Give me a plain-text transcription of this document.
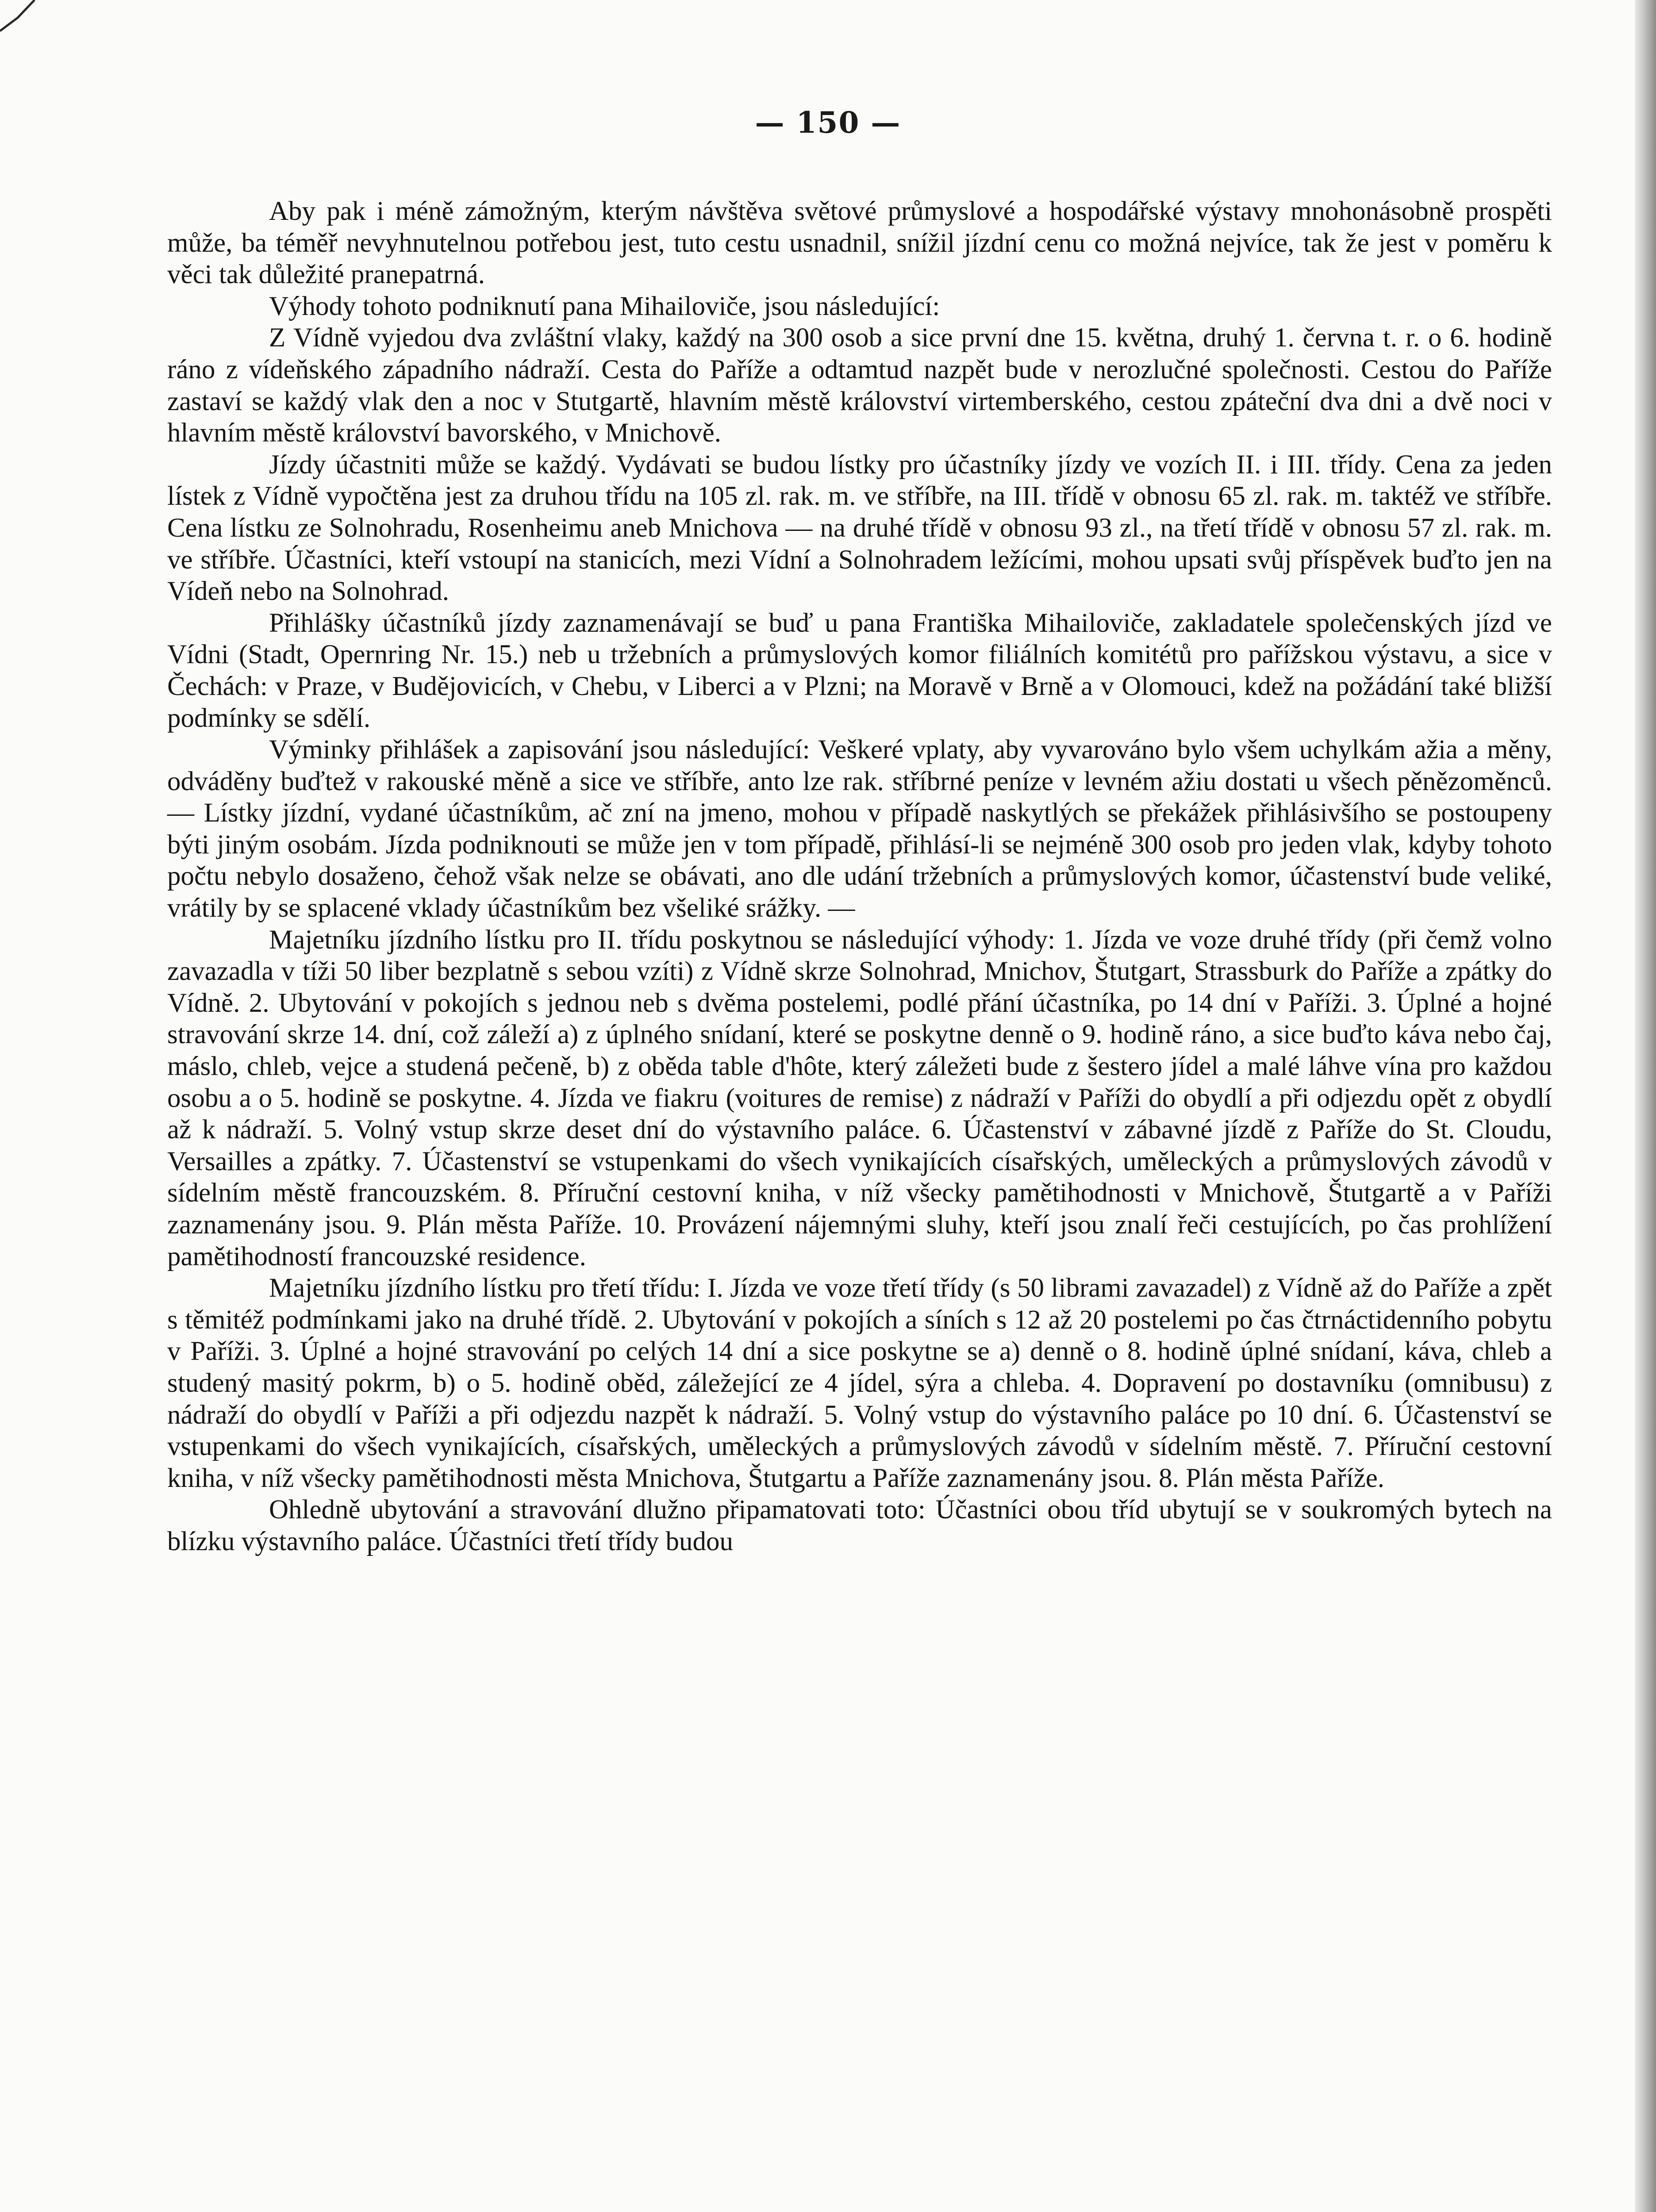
— 150 —

Aby pak i méně zámožným, kterým návštěva světové průmyslové a hospodářské výstavy mnohonásobně prospěti může, ba téměř nevyhnutelnou potřebou jest, tuto cestu usnadnil, snížil jízdní cenu co možná nejvíce, tak že jest v poměru k věci tak důležité pranepatrná.

Výhody tohoto podniknutí pana Mihailoviče, jsou následující:

Z Vídně vyjedou dva zvláštní vlaky, každý na 300 osob a sice první dne 15. května, druhý 1. června t. r. o 6. hodině ráno z vídeňského západního nádraží. Cesta do Paříže a odtamtud nazpět bude v nerozlučné společnosti. Cestou do Paříže zastaví se každý vlak den a noc v Stutgartě, hlavním městě království virtemberského, cestou zpáteční dva dni a dvě noci v hlavním městě království bavorského, v Mnichově.

Jízdy účastniti může se každý. Vydávati se budou lístky pro účastníky jízdy ve vozích II. i III. třídy. Cena za jeden lístek z Vídně vypočtěna jest za druhou třídu na 105 zl. rak. m. ve stříbře, na III. třídě v obnosu 65 zl. rak. m. taktéž ve stříbře. Cena lístku ze Solnohradu, Rosenheimu aneb Mnichova — na druhé třídě v obnosu 93 zl., na třetí třídě v obnosu 57 zl. rak. m. ve stříbře. Účastníci, kteří vstoupí na stanicích, mezi Vídní a Solnohradem ležícími, mohou upsati svůj příspěvek buďto jen na Vídeň nebo na Solnohrad.

Přihlášky účastníků jízdy zaznamenávají se buď u pana Františka Mihailoviče, zakladatele společenských jízd ve Vídni (Stadt, Opernring Nr. 15.) neb u tržebních a průmyslových komor filiálních komitétů pro pařížskou výstavu, a sice v Čechách: v Praze, v Budějovicích, v Chebu, v Liberci a v Plzni; na Moravě v Brně a v Olomouci, kdež na požádání také bližší podmínky se sdělí.

Výminky přihlášek a zapisování jsou následující: Veškeré vplaty, aby vyvarováno bylo všem uchylkám ažia a měny, odváděny buďtež v rakouské měně a sice ve stříbře, anto lze rak. stříbrné peníze v levném ažiu dostati u všech pěnězoměnců. — Lístky jízdní, vydané účastníkům, ač zní na jmeno, mohou v případě naskytlých se překážek přihlásivšího se postoupeny býti jiným osobám. Jízda podniknouti se může jen v tom případě, přihlásí-li se nejméně 300 osob pro jeden vlak, kdyby tohoto počtu nebylo dosaženo, čehož však nelze se obávati, ano dle udání tržebních a průmyslových komor, účastenství bude veliké, vrátily by se splacené vklady účastníkům bez všeliké srážky. —

Majetníku jízdního lístku pro II. třídu poskytnou se následující výhody: 1. Jízda ve voze druhé třídy (při čemž volno zavazadla v tíži 50 liber bezplatně s sebou vzíti) z Vídně skrze Solnohrad, Mnichov, Štutgart, Strassburk do Paříže a zpátky do Vídně. 2. Ubytování v pokojích s jednou neb s dvěma postelemi, podlé přání účastníka, po 14 dní v Paříži. 3. Úplné a hojné stravování skrze 14. dní, což záleží a) z úplného snídaní, které se poskytne denně o 9. hodině ráno, a sice buďto káva nebo čaj, máslo, chleb, vejce a studená pečeně, b) z oběda table d'hôte, který záležeti bude z šestero jídel a malé láhve vína pro každou osobu a o 5. hodině se poskytne. 4. Jízda ve fiakru (voitures de remise) z nádraží v Paříži do obydlí a při odjezdu opět z obydlí až k nádraží. 5. Volný vstup skrze deset dní do výstavního paláce. 6. Účastenství v zábavné jízdě z Paříže do St. Cloudu, Versailles a zpátky. 7. Účastenství se vstupenkami do všech vynikajících císařských, uměleckých a průmyslových závodů v sídelním městě francouzském. 8. Příruční cestovní kniha, v níž všecky pamětihodnosti v Mnichově, Štutgartě a v Paříži zaznamenány jsou. 9. Plán města Paříže. 10. Provázení nájemnými sluhy, kteří jsou znalí řeči cestujících, po čas prohlížení pamětihodností francouzské residence.

Majetníku jízdního lístku pro třetí třídu: I. Jízda ve voze třetí třídy (s 50 librami zavazadel) z Vídně až do Paříže a zpět s těmitéž podmínkami jako na druhé třídě. 2. Ubytování v pokojích a síních s 12 až 20 postelemi po čas čtrnáctidenního pobytu v Paříži. 3. Úplné a hojné stravování po celých 14 dní a sice poskytne se a) denně o 8. hodině úplné snídaní, káva, chleb a studený masitý pokrm, b) o 5. hodině oběd, záležející ze 4 jídel, sýra a chleba. 4. Dopravení po dostavníku (omnibusu) z nádraží do obydlí v Paříži a při odjezdu nazpět k nádraží. 5. Volný vstup do výstavního paláce po 10 dní. 6. Účastenství se vstupenkami do všech vynikajících, císařských, uměleckých a průmyslových závodů v sídelním městě. 7. Příruční cestovní kniha, v níž všecky pamětihodnosti města Mnichova, Štutgartu a Paříže zaznamenány jsou. 8. Plán města Paříže.

Ohledně ubytování a stravování dlužno připamatovati toto: Účastníci obou tříd ubytují se v soukromých bytech na blízku výstavního paláce. Účastníci třetí třídy budou
